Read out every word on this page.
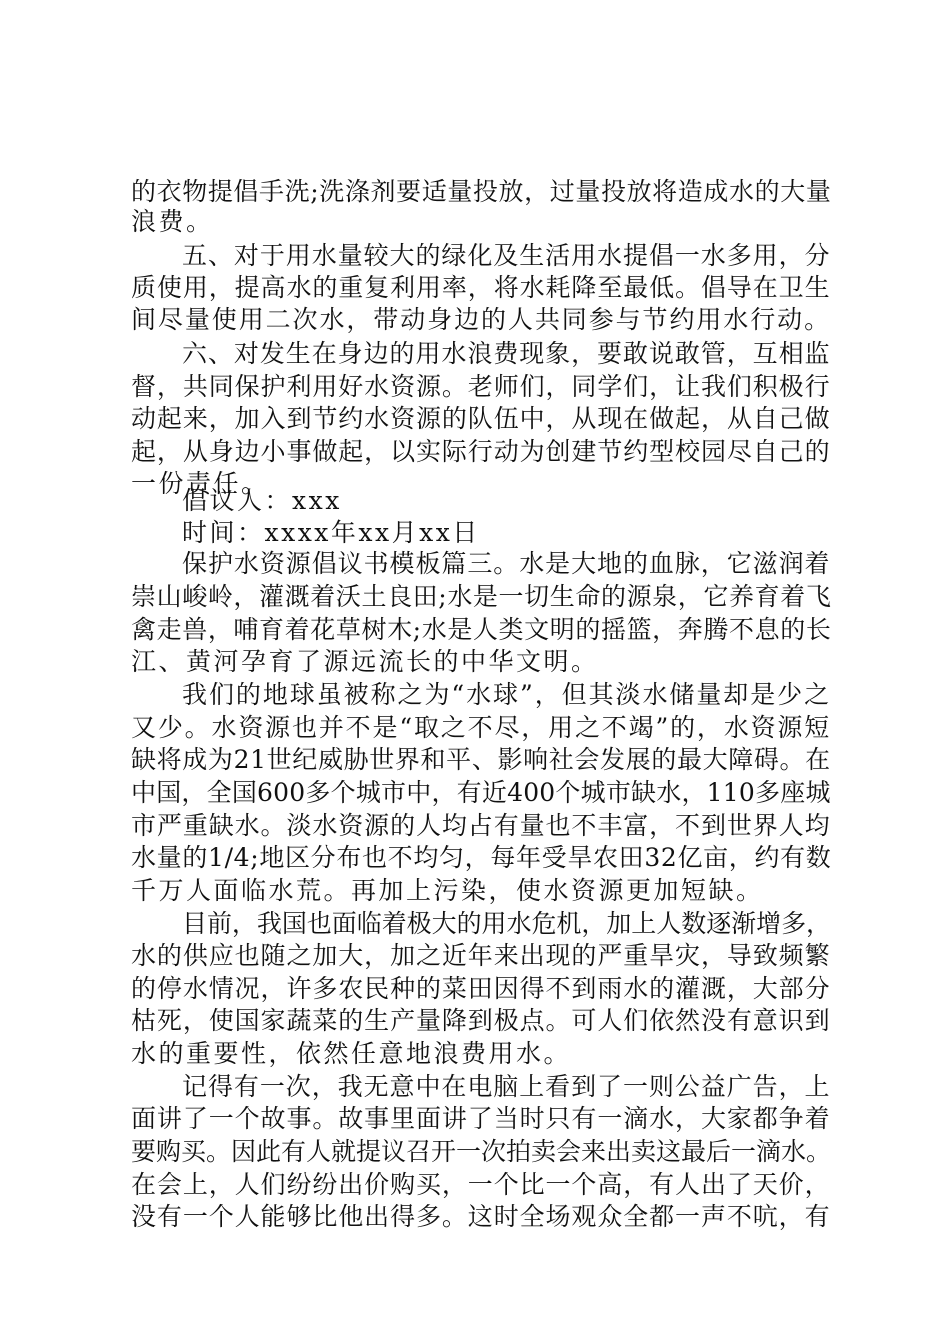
的衣物提倡手洗;洗涤剂要适量投放，过量投放将造成水的大量
浪费。
五、对于用水量较大的绿化及生活用水提倡一水多用，分
质使用，提高水的重复利用率，将水耗降至最低。倡导在卫生
间尽量使用二次水，带动身边的人共同参与节约用水行动。
六、对发生在身边的用水浪费现象，要敢说敢管，互相监
督，共同保护利用好水资源。老师们，同学们，让我们积极行
动起来，加入到节约水资源的队伍中，从现在做起，从自己做
起，从身边小事做起，以实际行动为创建节约型校园尽自己的
一份责任。
倡议人：xxx
时间：xxxx年xx月xx日
保护水资源倡议书模板篇三。水是大地的血脉，它滋润着
崇山峻岭，灌溉着沃土良田;水是一切生命的源泉，它养育着飞
禽走兽，哺育着花草树木;水是人类文明的摇篮，奔腾不息的长
江、黄河孕育了源远流长的中华文明。
我们的地球虽被称之为“水球”，但其淡水储量却是少之
又少。水资源也并不是“取之不尽，用之不竭”的，水资源短
缺将成为21世纪威胁世界和平、影响社会发展的最大障碍。在
中国，全国600多个城市中，有近400个城市缺水，110多座城
市严重缺水。淡水资源的人均占有量也不丰富，不到世界人均
水量的1/4;地区分布也不均匀，每年受旱农田32亿亩，约有数
千万人面临水荒。再加上污染，使水资源更加短缺。
目前，我国也面临着极大的用水危机，加上人数逐渐增多，
水的供应也随之加大，加之近年来出现的严重旱灾，导致频繁
的停水情况，许多农民种的菜田因得不到雨水的灌溉，大部分
枯死，使国家蔬菜的生产量降到极点。可人们依然没有意识到
水的重要性，依然任意地浪费用水。
记得有一次，我无意中在电脑上看到了一则公益广告，上
面讲了一个故事。故事里面讲了当时只有一滴水，大家都争着
要购买。因此有人就提议召开一次拍卖会来出卖这最后一滴水。
在会上，人们纷纷出价购买，一个比一个高，有人出了天价，
没有一个人能够比他出得多。这时全场观众全都一声不吭，有
